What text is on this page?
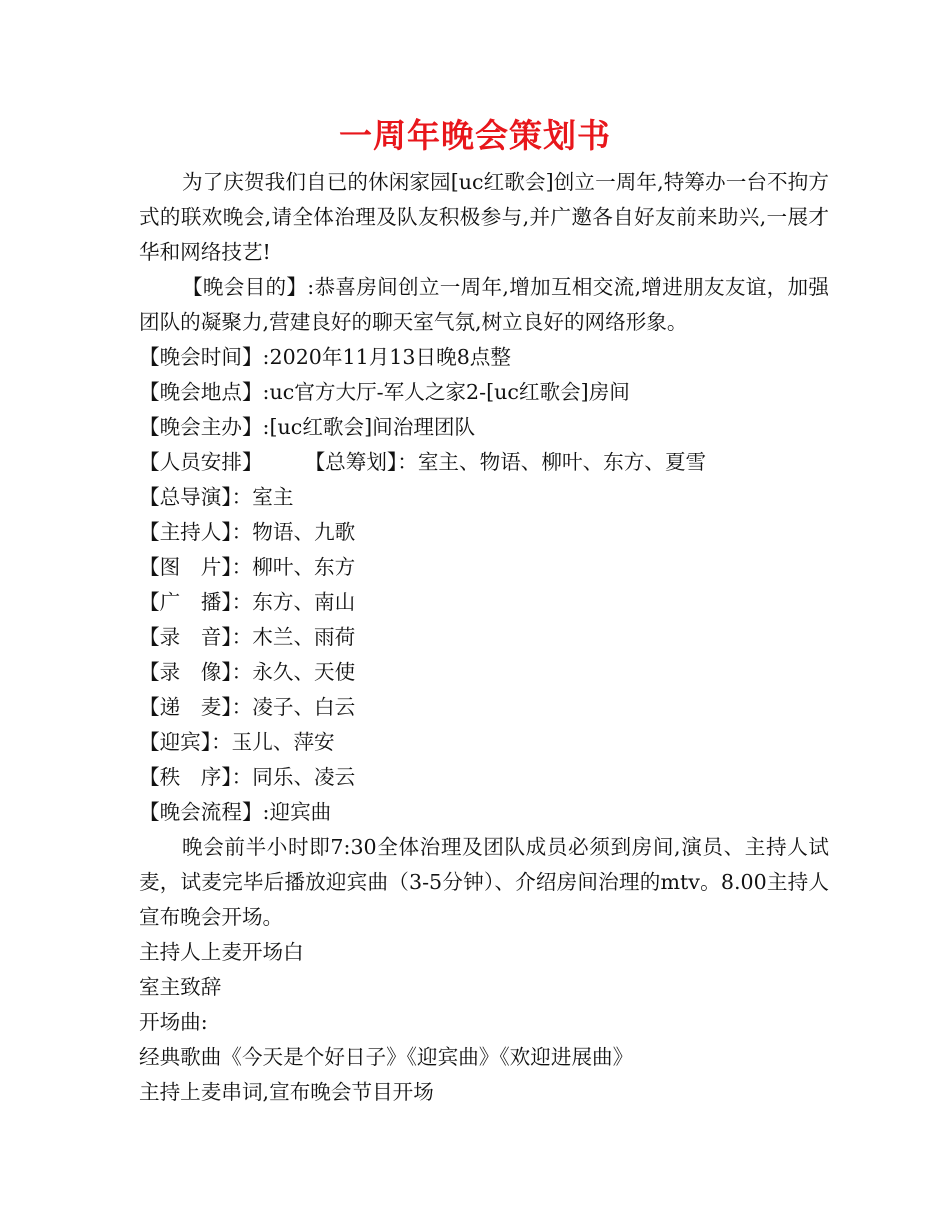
一周年晚会策划书

为了庆贺我们自已的休闲家园[uc红歌会]创立一周年,特筹办一台不拘方式的联欢晚会,请全体治理及队友积极参与,并广邀各自好友前来助兴,一展才华和网络技艺!

【晚会目的】:恭喜房间创立一周年,增加互相交流,增进朋友友谊，加强团队的凝聚力,营建良好的聊天室气氛,树立良好的网络形象。

【晚会时间】:2020年11月13日晚8点整

【晚会地点】:uc官方大厅-军人之家2-[uc红歌会]房间

【晚会主办】:[uc红歌会]间治理团队

【人员安排】 【总筹划】：室主、物语、柳叶、东方、夏雪

【总导演】：室主

【主持人】：物语、九歌

【图　片】：柳叶、东方

【广　播】：东方、南山

【录　音】：木兰、雨荷

【录　像】：永久、天使

【递　麦】：凌子、白云

【迎宾】：玉儿、萍安

【秩　序】：同乐、凌云

【晚会流程】:迎宾曲

晚会前半小时即7:30全体治理及团队成员必须到房间,演员、主持人试麦，试麦完毕后播放迎宾曲（3-5分钟）、介绍房间治理的mtv。8.00主持人宣布晚会开场。

主持人上麦开场白

室主致辞

开场曲:

经典歌曲《今天是个好日子》《迎宾曲》《欢迎进展曲》

主持上麦串词,宣布晚会节目开场
